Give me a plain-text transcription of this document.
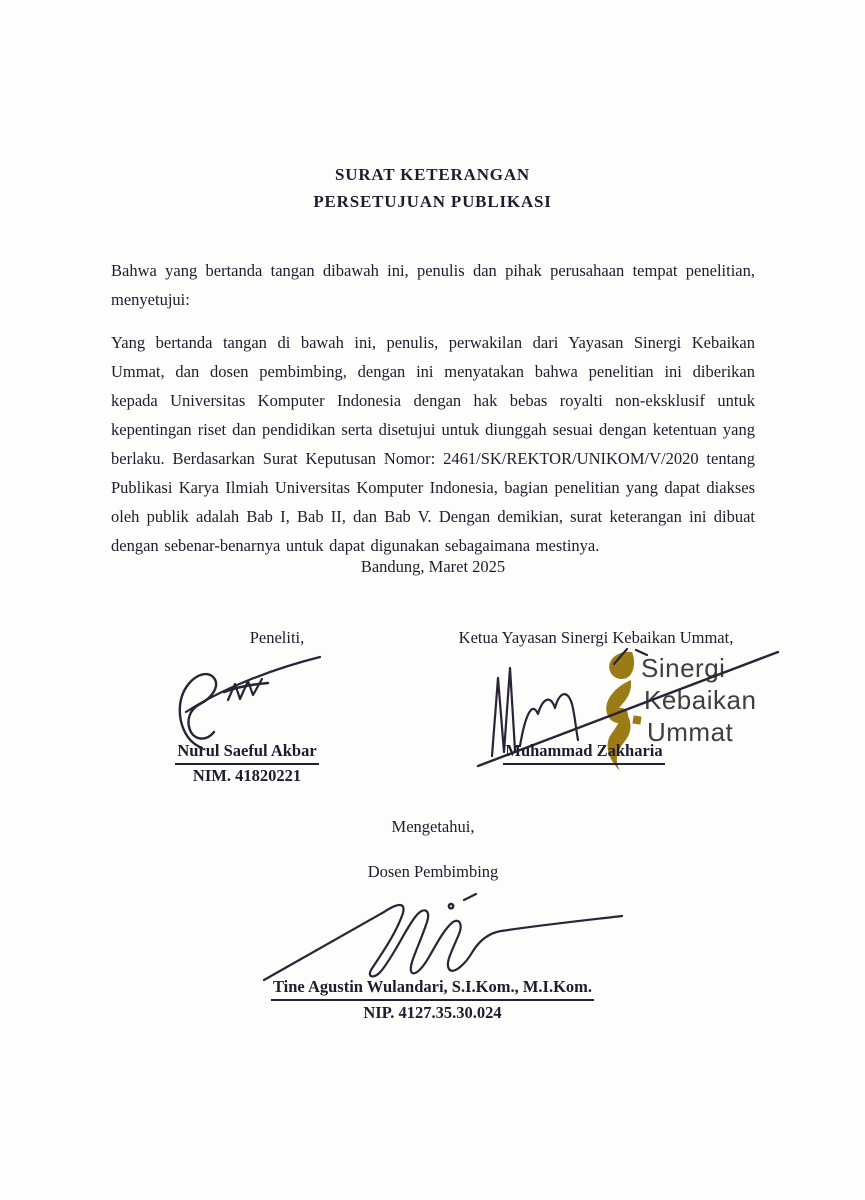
SURAT KETERANGAN
PERSETUJUAN PUBLIKASI
Bahwa yang bertanda tangan dibawah ini, penulis dan pihak perusahaan tempat penelitian, menyetujui:
Yang bertanda tangan di bawah ini, penulis, perwakilan dari Yayasan Sinergi Kebaikan Ummat, dan dosen pembimbing, dengan ini menyatakan bahwa penelitian ini diberikan kepada Universitas Komputer Indonesia dengan hak bebas royalti non-eksklusif untuk kepentingan riset dan pendidikan serta disetujui untuk diunggah sesuai dengan ketentuan yang berlaku. Berdasarkan Surat Keputusan Nomor: 2461/SK/REKTOR/UNIKOM/V/2020 tentang Publikasi Karya Ilmiah Universitas Komputer Indonesia, bagian penelitian yang dapat diakses oleh publik adalah Bab I, Bab II, dan Bab V. Dengan demikian, surat keterangan ini dibuat dengan sebenar-benarnya untuk dapat digunakan sebagaimana mestinya.
Bandung, Maret 2025
Peneliti,	Ketua Yayasan Sinergi Kebaikan Ummat,
Sinergi
Kebaikan
Ummat
Nurul Saeful Akbar
NIM. 41820221
Muhammad Zakharia
Mengetahui,
Dosen Pembimbing
Tine Agustin Wulandari, S.I.Kom., M.I.Kom.
NIP. 4127.35.30.024
